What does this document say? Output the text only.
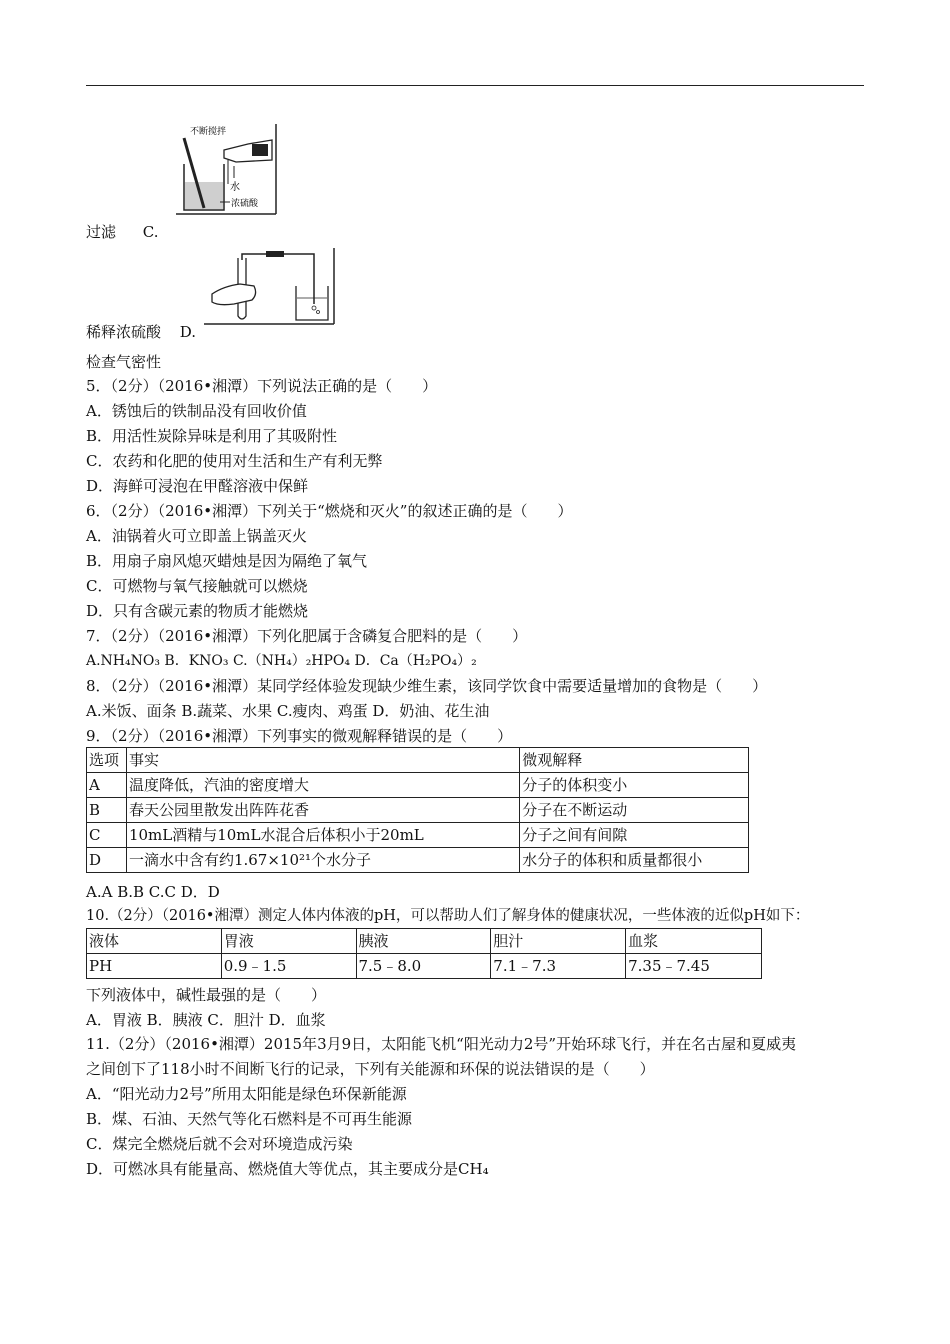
不断搅拌
水
浓硫酸
过滤 C.
稀释浓硫酸 D.
检查气密性
5．（2分）（2016•湘潭）下列说法正确的是（　　）
A．锈蚀后的铁制品没有回收价值
B．用活性炭除异味是利用了其吸附性
C．农药和化肥的使用对生活和生产有利无弊
D．海鲜可浸泡在甲醛溶液中保鲜
6．（2分）（2016•湘潭）下列关于“燃烧和灭火”的叙述正确的是（　　）
A．油锅着火可立即盖上锅盖灭火
B．用扇子扇风熄灭蜡烛是因为隔绝了氧气
C．可燃物与氧气接触就可以燃烧
D．只有含碳元素的物质才能燃烧
7．（2分）（2016•湘潭）下列化肥属于含磷复合肥料的是（　　）
A.NH₄NO₃ B．KNO₃ C.（NH₄）₂HPO₄ D．Ca（H₂PO₄）₂
8．（2分）（2016•湘潭）某同学经体验发现缺少维生素，该同学饮食中需要适量增加的食物是（　　）
A.米饭、面条 B.蔬菜、水果 C.瘦肉、鸡蛋 D．奶油、花生油
9．（2分）（2016•湘潭）下列事实的微观解释错误的是（　　）
选项	事实	微观解释
A	温度降低，汽油的密度增大	分子的体积变小
B	春天公园里散发出阵阵花香	分子在不断运动
C	10mL酒精与10mL水混合后体积小于20mL	分子之间有间隙
D	一滴水中含有约1.67×10²¹个水分子	水分子的体积和质量都很小
A.A B.B C.C D．D
10.（2分）（2016•湘潭）测定人体内体液的pH，可以帮助人们了解身体的健康状况，一些体液的近似pH如下：
液体	胃液	胰液	胆汁	血浆
PH	0.9﹣1.5	7.5﹣8.0	7.1﹣7.3	7.35﹣7.45
下列液体中，碱性最强的是（　　）
A．胃液 B．胰液 C．胆汁 D．血浆
11.（2分）（2016•湘潭）2015年3月9日，太阳能飞机“阳光动力2号”开始环球飞行，并在名古屋和夏威夷
之间创下了118小时不间断飞行的记录，下列有关能源和环保的说法错误的是（　　）
A．“阳光动力2号”所用太阳能是绿色环保新能源
B．煤、石油、天然气等化石燃料是不可再生能源
C．煤完全燃烧后就不会对环境造成污染
D．可燃冰具有能量高、燃烧值大等优点，其主要成分是CH₄
